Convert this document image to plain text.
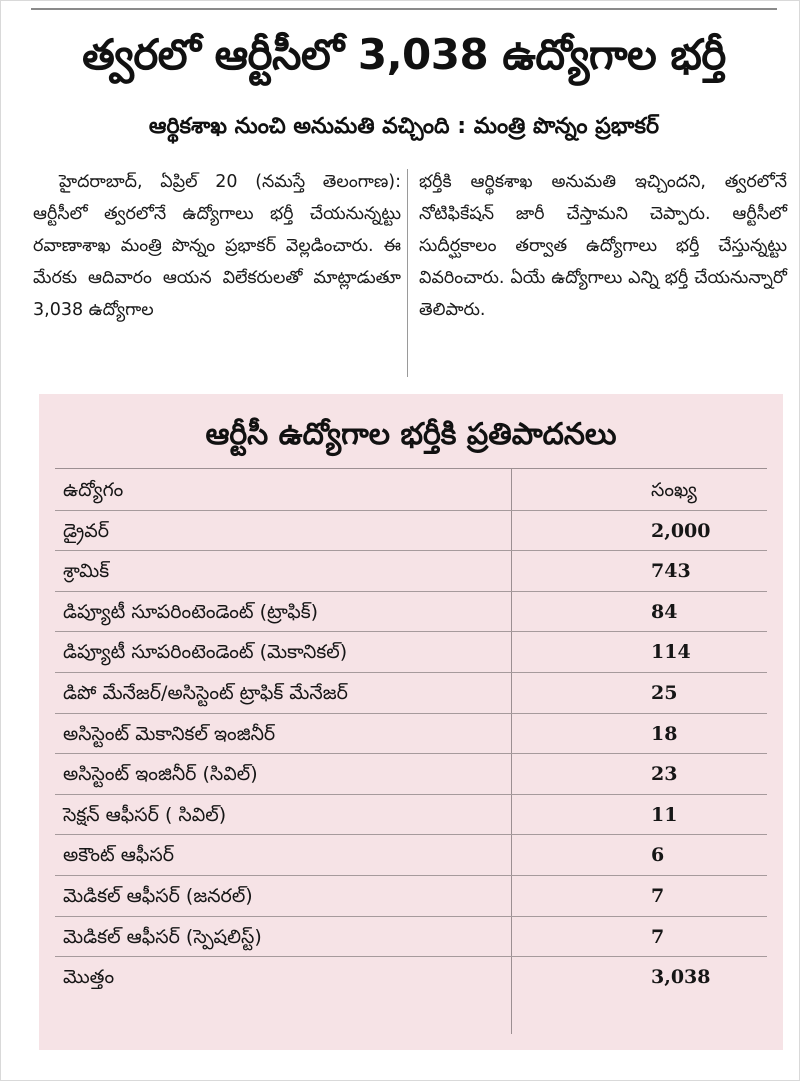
త్వరలో ఆర్టీసీలో 3,038 ఉద్యోగాల భర్తీ
ఆర్థికశాఖ నుంచి అనుమతి వచ్చింది : మంత్రి పొన్నం ప్రభాకర్

హైదరాబాద్, ఏప్రిల్ 20 (నమస్తే తెలంగాణ): ఆర్టీసీలో త్వరలోనే ఉద్యోగాలు భర్తీ చేయనున్నట్టు రవాణాశాఖ మంత్రి పొన్నం ప్రభాకర్ వెల్లడించారు. ఈ మేరకు ఆదివారం ఆయన విలేకరులతో మాట్లాడుతూ 3,038 ఉద్యోగాల

భర్తీకి ఆర్థికశాఖ అనుమతి ఇచ్చిందని, త్వరలోనే నోటిఫికేషన్ జారీ చేస్తామని చెప్పారు. ఆర్టీసీలో సుదీర్ఘకాలం తర్వాత ఉద్యోగాలు భర్తీ చేస్తున్నట్టు వివరించారు. ఏయే ఉద్యోగాలు ఎన్ని భర్తీ చేయనున్నారో తెలిపారు.

ఆర్టీసీ ఉద్యోగాల భర్తీకి ప్రతిపాదనలు
ఉద్యోగం	సంఖ్య
డ్రైవర్	2,000
శ్రామిక్	743
డిప్యూటీ సూపరింటెండెంట్ (ట్రాఫిక్)	84
డిప్యూటీ సూపరింటెండెంట్ (మెకానికల్)	114
డిపో మేనేజర్/అసిస్టెంట్ ట్రాఫిక్ మేనేజర్	25
అసిస్టెంట్ మెకానికల్ ఇంజినీర్	18
అసిస్టెంట్ ఇంజినీర్ (సివిల్)	23
సెక్షన్ ఆఫీసర్ ( సివిల్)	11
అకౌంట్ ఆఫీసర్	6
మెడికల్ ఆఫీసర్ (జనరల్)	7
మెడికల్ ఆఫీసర్ (స్పెషలిస్ట్)	7
మొత్తం	3,038
